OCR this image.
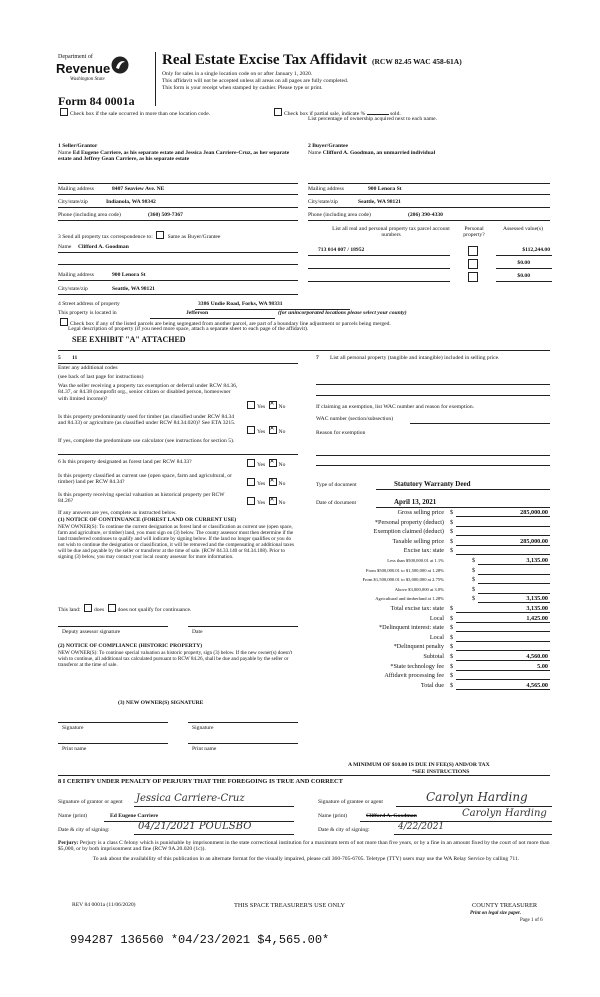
Department of
Revenue
Washington State
Form 84 0001a
Real Estate Excise Tax Affidavit (RCW 82.45 WAC 458-61A)
Only for sales in a single location code on or after January 1, 2020.
This affidavit will not be accepted unless all areas on all pages are fully completed.
This form is your receipt when stamped by cashier. Please type or print.
Check box if the sale occurred in more than one location code.	Check box if partial sale, indicate %	sold.
List percentage of ownership acquired next to each name.
1 Seller/Grantor
Name Ed Eugene Carriere, as his separate estate and Jessica Jean Carriere-Cruz, as her separate estate and Jeffrey Gean Carriere, as his separate estate
Mailing address	8407 Seaview Ave. NE
City/state/zip	Indianola, WA 98342
Phone (including area code)	(360) 509-7367
2 Buyer/Grantee
Name Clifford A. Goodman, an unmarried individual
Mailing address	900 Lenora St
City/state/zip	Seattle, WA 98121
Phone (including area code)	(206) 390-4330
3 Send all property tax correspondence to:	Same as Buyer/Grantee
Name Clifford A. Goodman
Mailing address	900 Lenora St
City/state/zip	Seattle, WA 98121
List all real and personal property tax parcel account numbers
Personal property?
Assessed value(s)
713 014 007 / 18952	$112,244.00
$0.00
$0.00
4 Street address of property	3386 Undie Road, Forks, WA 98331
This property is located in	Jefferson	(for unincorporated locations please select your county)
Check box if any of the listed parcels are being segregated from another parcel, are part of a boundary line adjustment or parcels being merged.
Legal description of property (if you need more space, attach a separate sheet to each page of the affidavit).
SEE EXHIBIT "A" ATTACHED
5 11
Enter any additional codes
(see back of last page for instructions)
Was the seller receiving a property tax exemption or deferral under RCW 84.36, 84.37, or 84.38 (nonprofit org., senior citizen or disabled person, homeowner with limited income)?
Yes ✕ No
Is this property predominantly used for timber (as classified under RCW 84.34 and 84.33) or agriculture (as classified under RCW 84.34.020)? See ETA 3215.
Yes ✕ No
If yes, complete the predominate use calculator (see instructions for section 5).
6 Is this property designated as forest land per RCW 84.33?	Yes ✕ No
Is this property classified as current use (open space, farm and agricultural, or timber) land per RCW 84.34?	Yes ✕ No
Is this property receiving special valuation as historical property per RCW 84.26?	Yes ✕ No
If any answers are yes, complete as instructed below.
(1) NOTICE OF CONTINUANCE (FOREST LAND OR CURRENT USE)
NEW OWNER(S): To continue the current designation as forest land or classification as current use (open space, farm and agriculture, or timber) land, you must sign on (3) below. The county assessor must then determine if the land transferred continues to qualify and will indicate by signing below. If the land no longer qualifies or you do not wish to continue the designation or classification, it will be removed and the compensating or additional taxes will be due and payable by the seller or transferor at the time of sale. (RCW 84.33.140 or 84.34.108). Prior to signing (3) below, you may contact your local county assessor for more information.
This land: does does not qualify for continuance.
Deputy assessor signature	Date
(2) NOTICE OF COMPLIANCE (HISTORIC PROPERTY)
NEW OWNER(S): To continue special valuation as historic property, sign (3) below. If the new owner(s) doesn't wish to continue, all additional tax calculated pursuant to RCW 84.26, shall be due and payable by the seller or transferor at the time of sale.
(3) NEW OWNER(S) SIGNATURE
Signature	Signature
Print name	Print name
7 List all personal property (tangible and intangible) included in selling price.
If claiming an exemption, list WAC number and reason for exemption.
WAC number (section/subsection)
Reason for exemption
Type of document	Statutory Warranty Deed
Date of document	April 13, 2021
Gross selling price $	285,000.00
*Personal property (deduct) $
Exemption claimed (deduct) $
Taxable selling price $	285,000.00
Excise tax: state $
Less than $500,000.01 at 1.1%	$	3,135.00
From $500,000.01 to $1,500,000 at 1.28%	$
From $1,500,000.01 to $3,000,000 at 2.75%	$
Above $3,000,000 at 3.0%	$
Agricultural and timberland at 1.28%	$	3,135.00
Total excise tax: state $	3,135.00
Local $	1,425.00
*Delinquent interest: state $
Local $
*Delinquent penalty $
Subtotal $	4,560.00
*State technology fee $	5.00
Affidavit processing fee $
Total due $	4,565.00
A MINIMUM OF $10.00 IS DUE IN FEE(S) AND/OR TAX
*SEE INSTRUCTIONS
8 I CERTIFY UNDER PENALTY OF PERJURY THAT THE FOREGOING IS TRUE AND CORRECT
Signature of grantor or agent Jessica Carriere-Cruz
Name (print)	Ed Eugene Carriere
Date & city of signing:	04/21/2021 POULSBO
Signature of grantee or agent	Carolyn Harding
Name (print)	Clifford A. Goodman	Carolyn Harding
Date & city of signing:	4/22/2021
Perjury: Perjury is a class C felony which is punishable by imprisonment in the state correctional institution for a maximum term of not more than five years, or by a fine in an amount fixed by the court of not more than $5,000, or by both imprisonment and fine (RCW 9A.20.020 (1c)).
To ask about the availability of this publication in an alternate format for the visually impaired, please call 360-705-6705. Teletype (TTY) users may use the WA Relay Service by calling 711.
REV 84 0001a (11/06/2020)	THIS SPACE TREASURER'S USE ONLY	COUNTY TREASURER
Print on legal size paper.
Page 1 of 6
994287 136560 *04/23/2021 $4,565.00*
